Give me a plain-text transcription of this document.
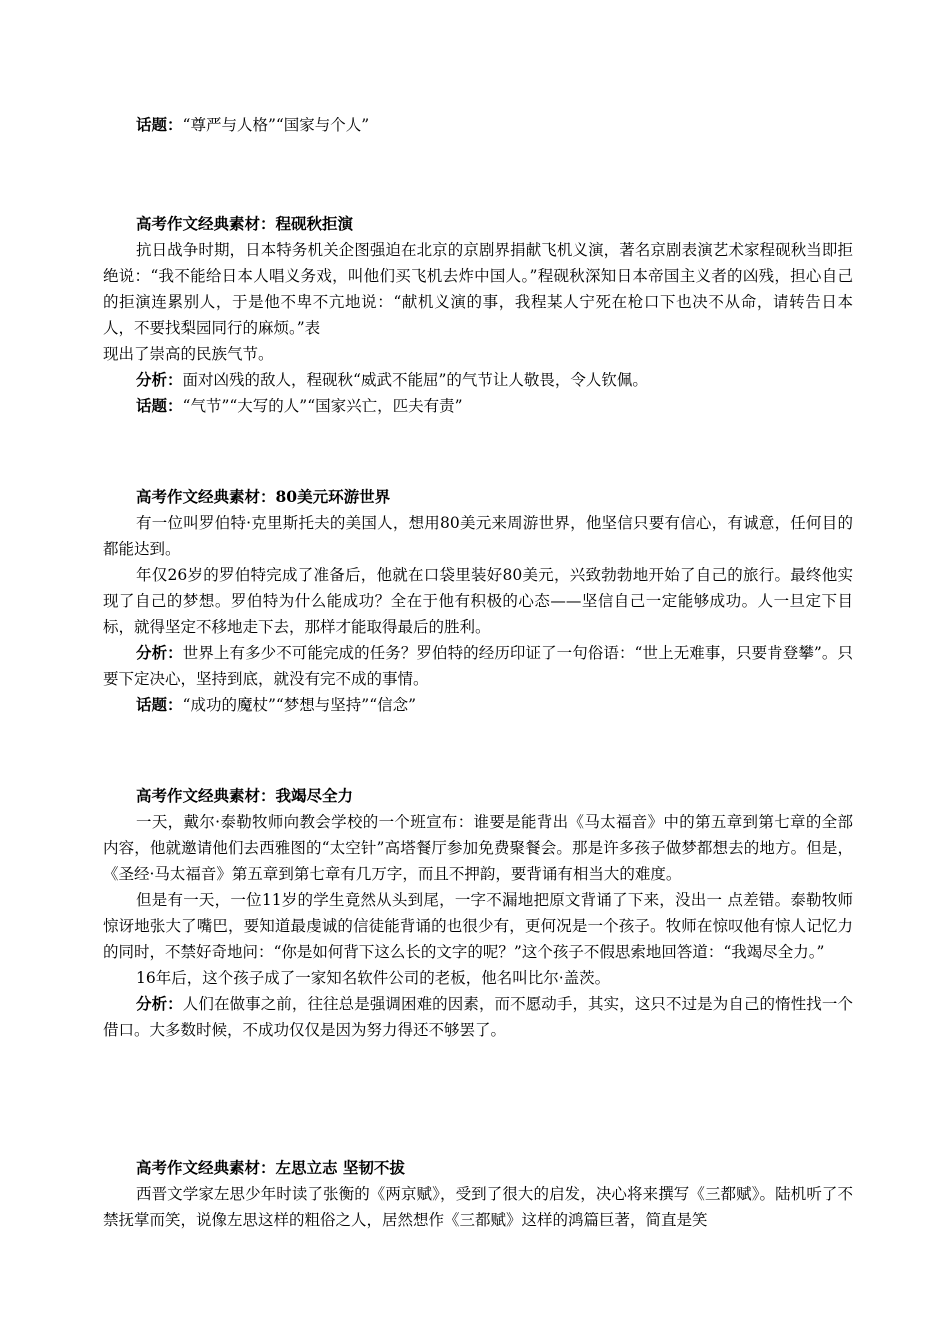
话题：“尊严与人格”“国家与个人”

高考作文经典素材：程砚秋拒演

抗日战争时期，日本特务机关企图强迫在北京的京剧界捐献飞机义演，著名京剧表演艺术家程砚秋当即拒绝说：“我不能给日本人唱义务戏，叫他们买飞机去炸中国人。”程砚秋深知日本帝国主义者的凶残，担心自己的拒演连累别人，于是他不卑不亢地说：“献机义演的事，我程某人宁死在枪口下也决不从命，请转告日本人，不要找梨园同行的麻烦。”表

现出了崇高的民族气节。

分析：面对凶残的敌人，程砚秋“威武不能屈”的气节让人敬畏，令人钦佩。

话题：“气节”“大写的人”“国家兴亡，匹夫有责”

高考作文经典素材：80美元环游世界

有一位叫罗伯特·克里斯托夫的美国人，想用80美元来周游世界，他坚信只要有信心，有诚意，任何目的都能达到。

年仅26岁的罗伯特完成了准备后，他就在口袋里装好80美元，兴致勃勃地开始了自己的旅行。最终他实现了自己的梦想。罗伯特为什么能成功？全在于他有积极的心态——坚信自己一定能够成功。人一旦定下目标，就得坚定不移地走下去，那样才能取得最后的胜利。

分析：世界上有多少不可能完成的任务？罗伯特的经历印证了一句俗语：“世上无难事，只要肯登攀”。只要下定决心，坚持到底，就没有完不成的事情。

话题：“成功的魔杖”“梦想与坚持”“信念”

高考作文经典素材：我竭尽全力

一天，戴尔·泰勒牧师向教会学校的一个班宣布：谁要是能背出《马太福音》中的第五章到第七章的全部内容，他就邀请他们去西雅图的“太空针”高塔餐厅参加免费聚餐会。那是许多孩子做梦都想去的地方。但是，《圣经·马太福音》第五章到第七章有几万字，而且不押韵，要背诵有相当大的难度。

但是有一天，一位11岁的学生竟然从头到尾，一字不漏地把原文背诵了下来，没出一 点差错。泰勒牧师惊讶地张大了嘴巴，要知道最虔诚的信徒能背诵的也很少有，更何况是一个孩子。牧师在惊叹他有惊人记忆力的同时，不禁好奇地问：“你是如何背下这么长的文字的呢？”这个孩子不假思索地回答道：“我竭尽全力。”

16年后，这个孩子成了一家知名软件公司的老板，他名叫比尔·盖茨。

分析：人们在做事之前，往往总是强调困难的因素，而不愿动手，其实，这只不过是为自己的惰性找一个借口。大多数时候，不成功仅仅是因为努力得还不够罢了。

高考作文经典素材：左思立志 坚韧不拔

西晋文学家左思少年时读了张衡的《两京赋》，受到了很大的启发，决心将来撰写《三都赋》。陆机听了不禁抚掌而笑，说像左思这样的粗俗之人，居然想作《三都赋》这样的鸿篇巨著，简直是笑
